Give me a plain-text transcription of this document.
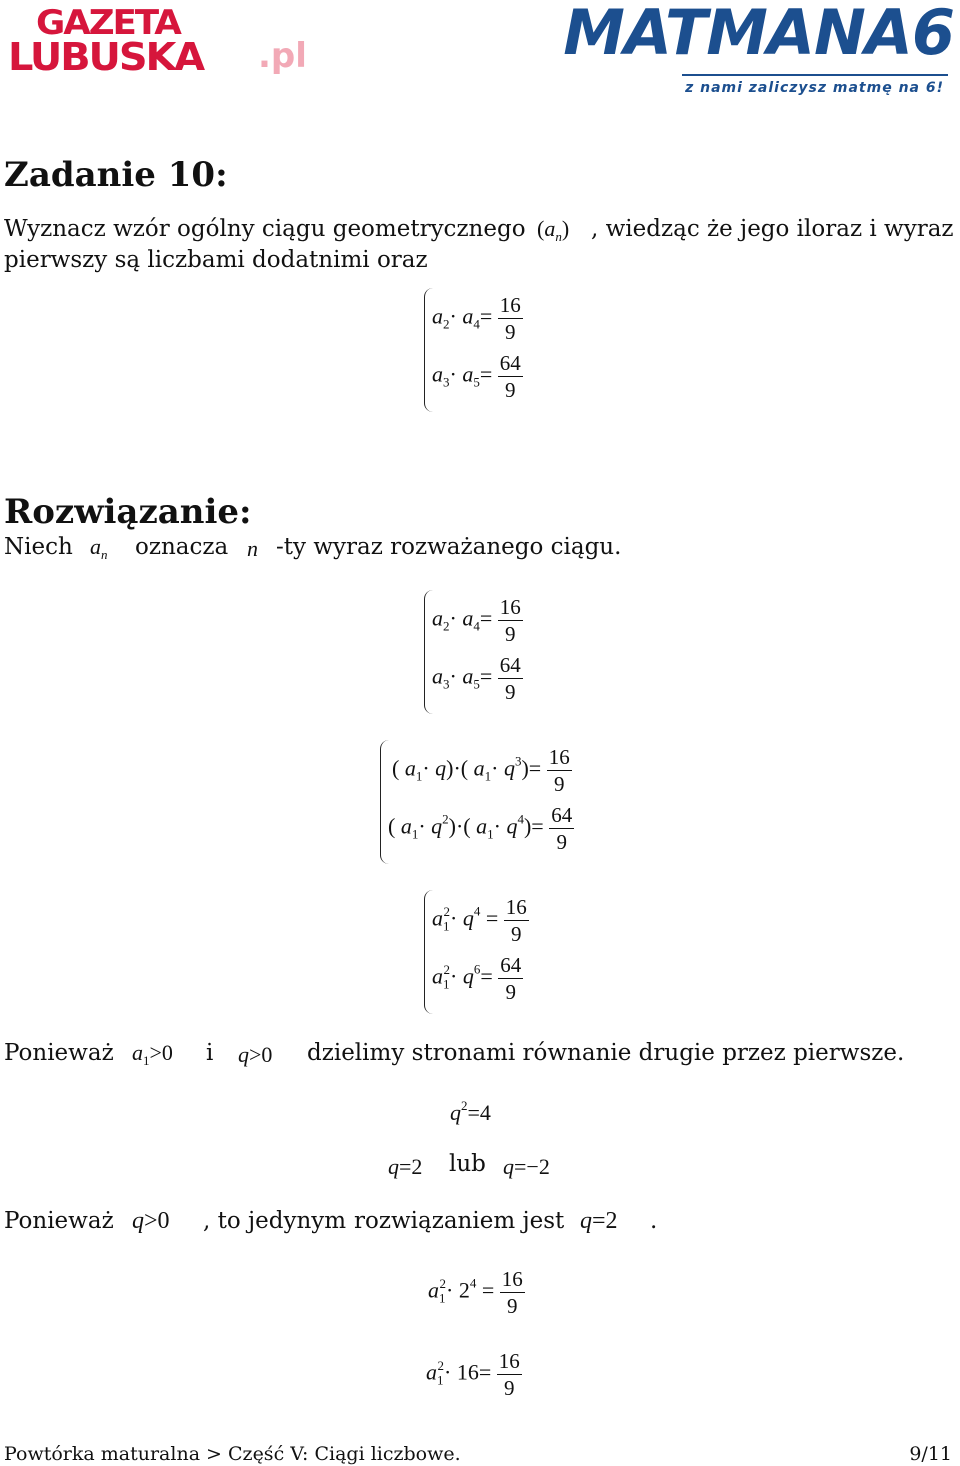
GAZETA
LUBUSKA .pl	MATMANA6
z nami zaliczysz matmę na 6!
Zadanie 10:
Wyznacz wzór ogólny ciągu geometrycznego $(a_n)$ , wiedząc że jego iloraz i wyraz
pierwszy są liczbami dodatnimi oraz
$a_2\cdot a_4= \frac{16}{9}$
$a_3\cdot a_5= \frac{64}{9}$
Rozwiązanie:
Niech $a_n$ oznacza n -ty wyraz rozważanego ciągu.
$a_2\cdot a_4= \frac{16}{9}$
$a_3\cdot a_5= \frac{64}{9}$
( $a_1\cdot q)\cdot$( $a_1\cdot q^3)= \frac{16}{9}$
( $a_1\cdot q^2)\cdot$( $a_1\cdot q^4)= \frac{64}{9}$
$a_1^2\cdot q^4 = \frac{16}{9}$
$a_1^2\cdot q^6= \frac{64}{9}$
Ponieważ $a_1>0$ i q>0 dzielimy stronami równanie drugie przez pierwsze.
$q^2=4$
q=2 lub q=−2
Ponieważ q>0 , to jedynym rozwiązaniem jest q=2 .
$a_1^2\cdot 2^4 = \frac{16}{9}$
$a_1^2\cdot 16= \frac{16}{9}$
Powtórka maturalna > Część V: Ciągi liczbowe.	9/11
